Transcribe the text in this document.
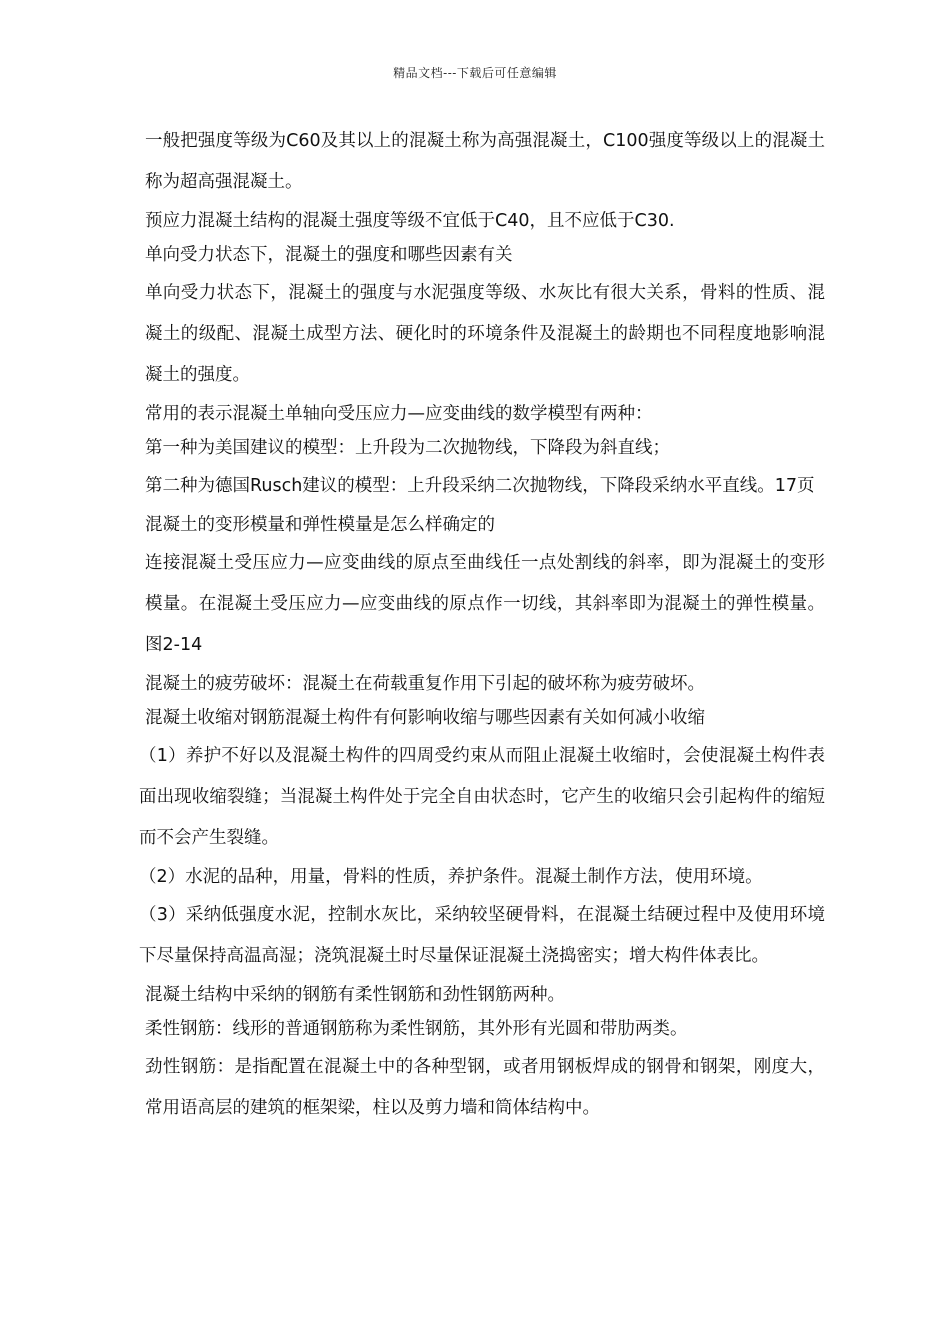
精品文档---下载后可任意编辑

一般把强度等级为C60及其以上的混凝土称为高强混凝土，C100强度等级以上的混凝土称为超高强混凝土。

预应力混凝土结构的混凝土强度等级不宜低于C40，且不应低于C30.

单向受力状态下，混凝土的强度和哪些因素有关

单向受力状态下，混凝土的强度与水泥强度等级、水灰比有很大关系，骨料的性质、混凝土的级配、混凝土成型方法、硬化时的环境条件及混凝土的龄期也不同程度地影响混凝土的强度。

常用的表示混凝土单轴向受压应力—应变曲线的数学模型有两种：

第一种为美国建议的模型：上升段为二次抛物线，下降段为斜直线；

第二种为德国Rusch建议的模型：上升段采纳二次抛物线，下降段采纳水平直线。17页

混凝土的变形模量和弹性模量是怎么样确定的

连接混凝土受压应力—应变曲线的原点至曲线任一点处割线的斜率，即为混凝土的变形模量。在混凝土受压应力—应变曲线的原点作一切线，其斜率即为混凝土的弹性模量。图2-14

混凝土的疲劳破坏：混凝土在荷载重复作用下引起的破坏称为疲劳破坏。

混凝土收缩对钢筋混凝土构件有何影响收缩与哪些因素有关如何减小收缩

（1）养护不好以及混凝土构件的四周受约束从而阻止混凝土收缩时，会使混凝土构件表面出现收缩裂缝；当混凝土构件处于完全自由状态时，它产生的收缩只会引起构件的缩短而不会产生裂缝。

（2）水泥的品种，用量，骨料的性质，养护条件。混凝土制作方法，使用环境。

（3）采纳低强度水泥，控制水灰比，采纳较坚硬骨料，在混凝土结硬过程中及使用环境下尽量保持高温高湿；浇筑混凝土时尽量保证混凝土浇捣密实；增大构件体表比。

混凝土结构中采纳的钢筋有柔性钢筋和劲性钢筋两种。

柔性钢筋：线形的普通钢筋称为柔性钢筋，其外形有光圆和带肋两类。

劲性钢筋：是指配置在混凝土中的各种型钢，或者用钢板焊成的钢骨和钢架，刚度大，常用语高层的建筑的框架梁，柱以及剪力墙和筒体结构中。
